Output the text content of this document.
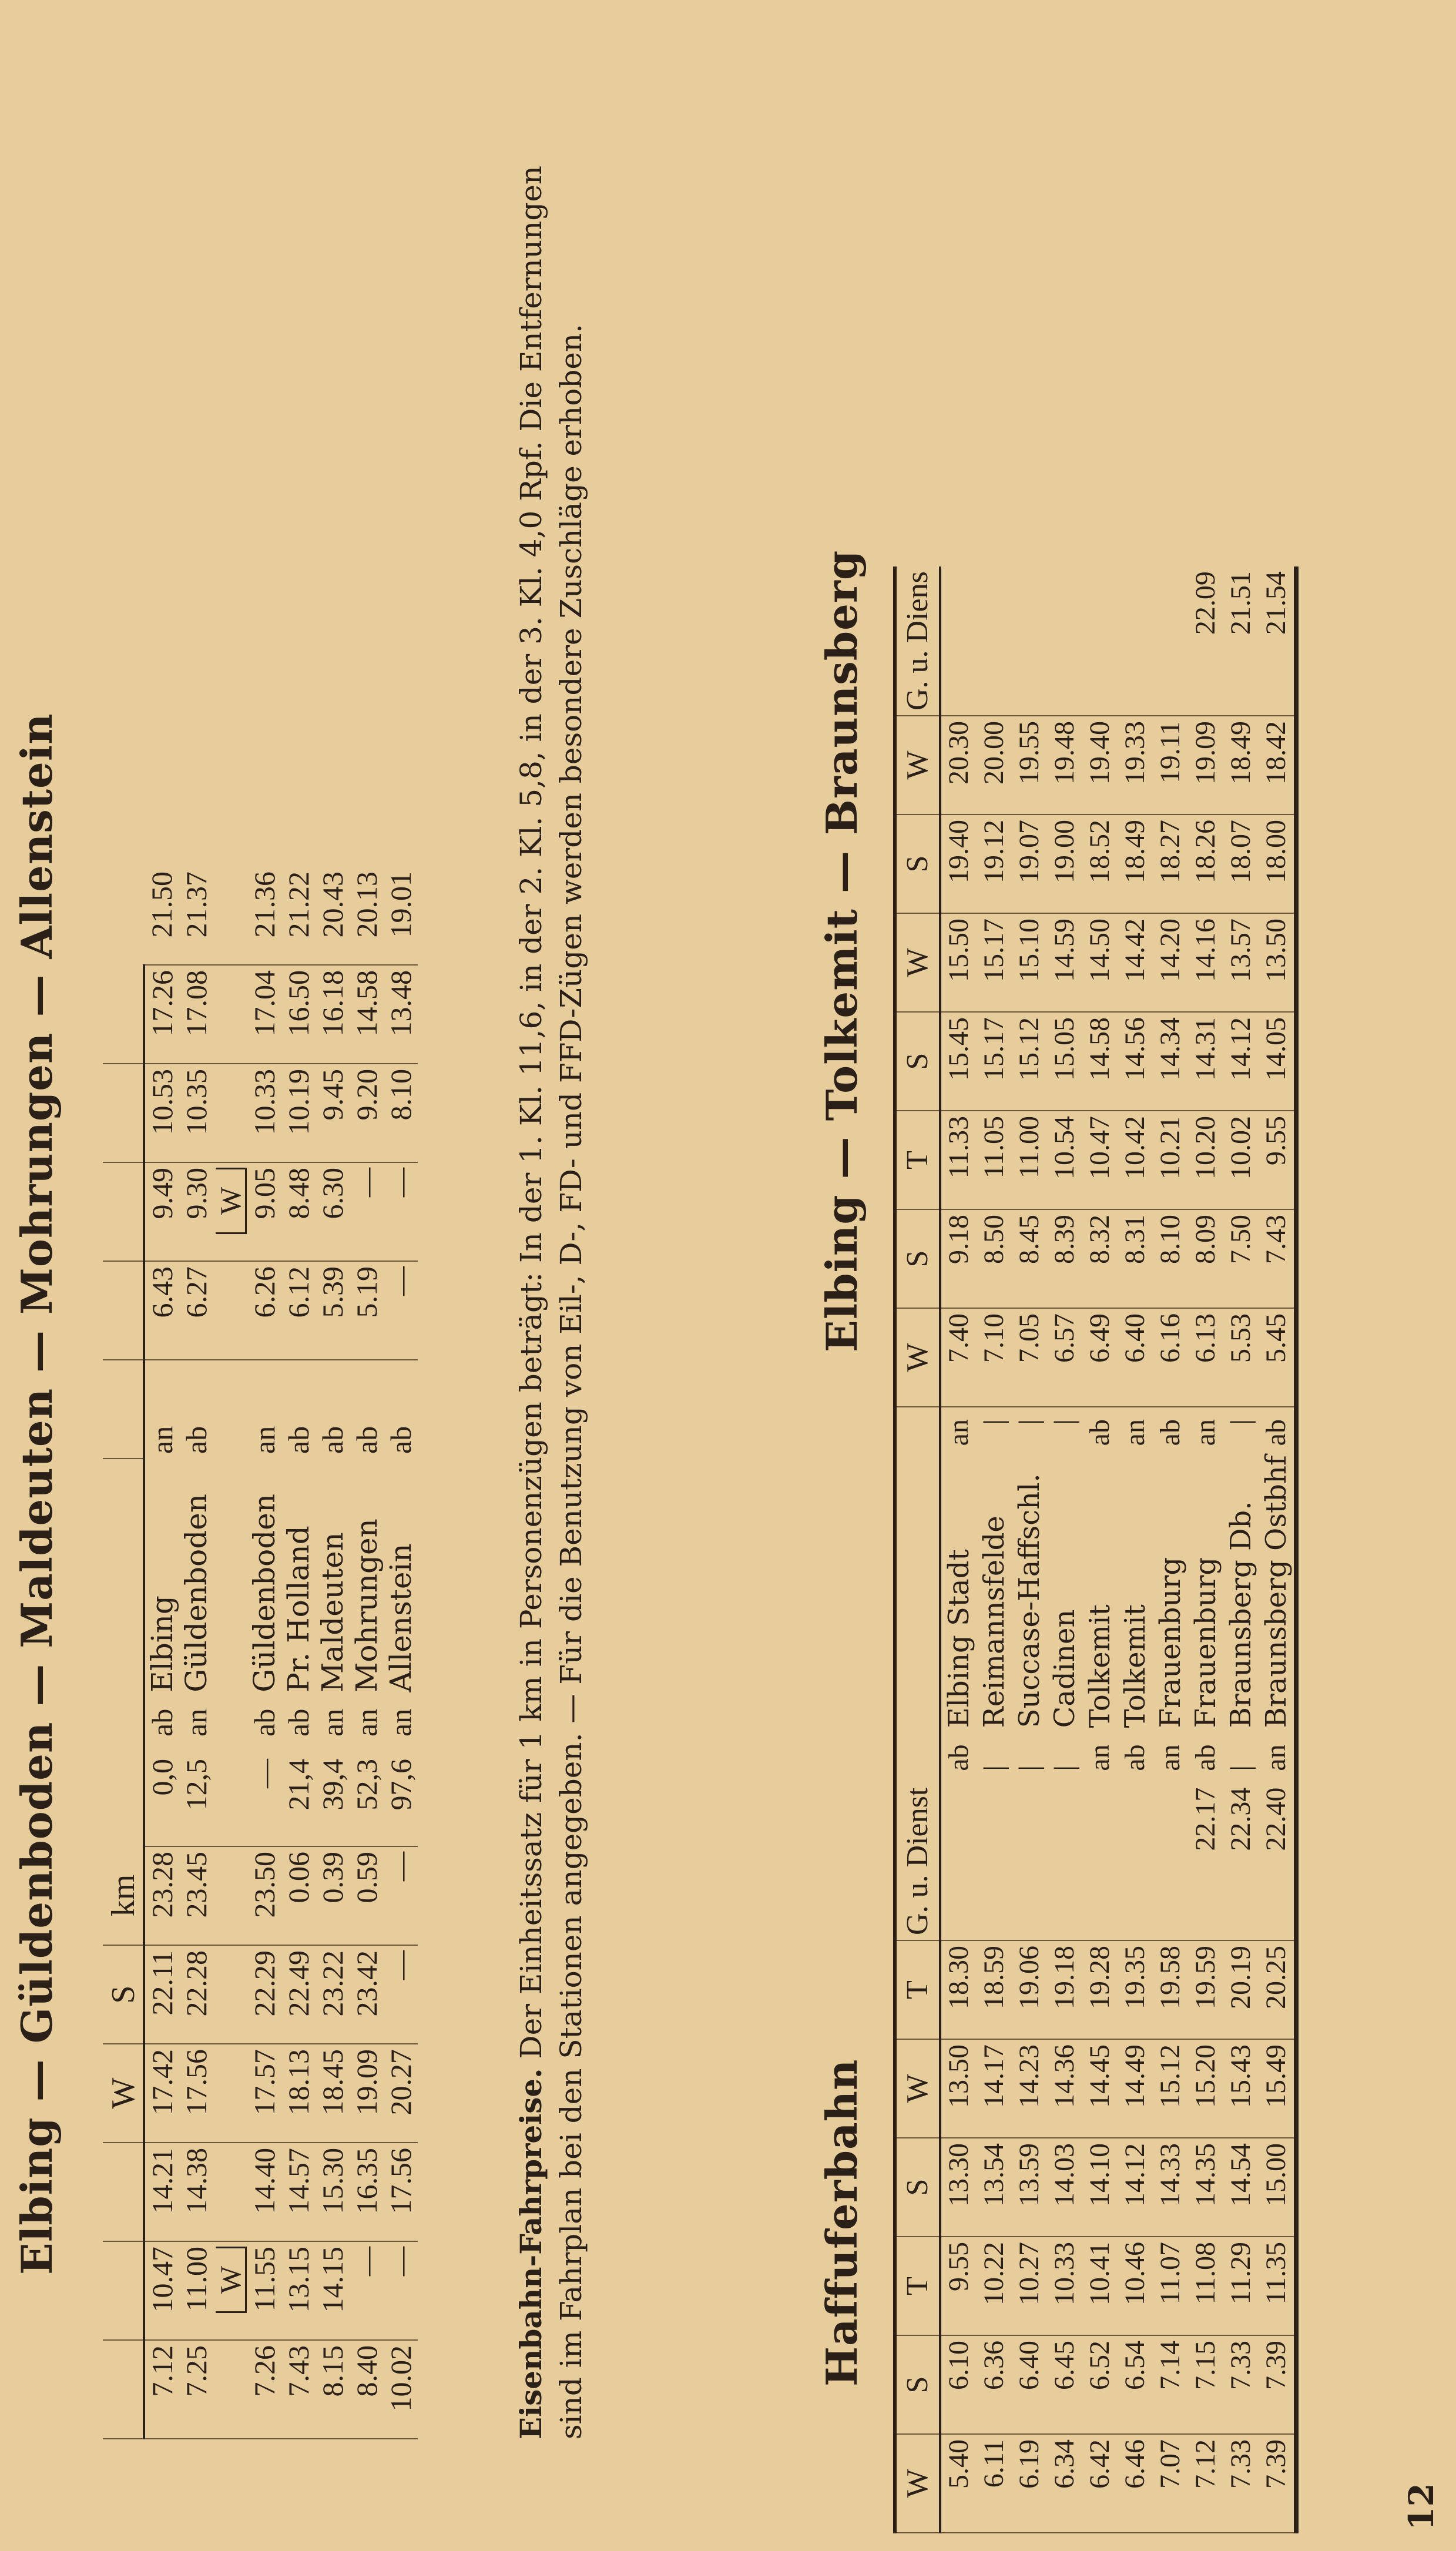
Elbing — Güldenboden — Maldeuten — Mohrungen — Allenstein
			W	S	km									
7.12	10.47	14.21	17.42	22.11	23.28	0,0	ab	Elbing	an	6.43	9.49	10.53	17.26	21.50
7.25	11.00	14.38	17.56	22.28	23.45	12,5	an	Güldenboden	ab	6.27	9.30	10.35	17.08	21.37
	W										W			
7.26	11.55	14.40	17.57	22.29	23.50	—	ab	Güldenboden	an	6.26	9.05	10.33	17.04	21.36
7.43	13.15	14.57	18.13	22.49	0.06	21,4	ab	Pr. Holland	ab	6.12	8.48	10.19	16.50	21.22
8.15	14.15	15.30	18.45	23.22	0.39	39,4	an	Maldeuten	ab	5.39	6.30	9.45	16.18	20.43
8.40	—	16.35	19.09	23.42	0.59	52,3	an	Mohrungen	ab	5.19	—	9.20	14.58	20.13
10.02	—	17.56	20.27	—	—	97,6	an	Allenstein	ab	—	—	8.10	13.48	19.01
Eisenbahn-Fahrpreise. Der Einheitssatz für 1 km in Personenzügen beträgt: In der 1. Kl. 11,6, in der 2. Kl. 5,8, in der 3. Kl. 4,0 Rpf. Die Entfernungen sind im Fahrplan bei den Stationen angegeben. — Für die Benutzung von Eil-, D-, FD- und FFD-Zügen werden besondere Zuschläge erhoben.	Haffuferbahn
Elbing — Tolkemit — Braunsberg
W	S	T	S	W	T	G. u. Dienst				W	S	T	S	W	S	W	G. u. Diens
5.40	6.10	9.55	13.30	13.50	18.30		ab	Elbing Stadt	an	7.40	9.18	11.33	15.45	15.50	19.40	20.30	
6.11	6.36	10.22	13.54	14.17	18.59		|	Reimannsfelde	|	7.10	8.50	11.05	15.17	15.17	19.12	20.00	
6.19	6.40	10.27	13.59	14.23	19.06		|	Succase-Haffschl.	|	7.05	8.45	11.00	15.12	15.10	19.07	19.55	
6.34	6.45	10.33	14.03	14.36	19.18		|	Cadinen	|	6.57	8.39	10.54	15.05	14.59	19.00	19.48	
6.42	6.52	10.41	14.10	14.45	19.28		an	Tolkemit	ab	6.49	8.32	10.47	14.58	14.50	18.52	19.40	
6.46	6.54	10.46	14.12	14.49	19.35		ab	Tolkemit	an	6.40	8.31	10.42	14.56	14.42	18.49	19.33	
7.07	7.14	11.07	14.33	15.12	19.58		an	Frauenburg	ab	6.16	8.10	10.21	14.34	14.20	18.27	19.11	
7.12	7.15	11.08	14.35	15.20	19.59	22.17	ab	Frauenburg	an	6.13	8.09	10.20	14.31	14.16	18.26	19.09	22.09
7.33	7.33	11.29	14.54	15.43	20.19	22.34	|	Braunsberg Db.	|	5.53	7.50	10.02	14.12	13.57	18.07	18.49	21.51
7.39	7.39	11.35	15.00	15.49	20.25	22.40	an	Braunsberg Ostbhf	ab	5.45	7.43	9.55	14.05	13.50	18.00	18.42	21.54
12
